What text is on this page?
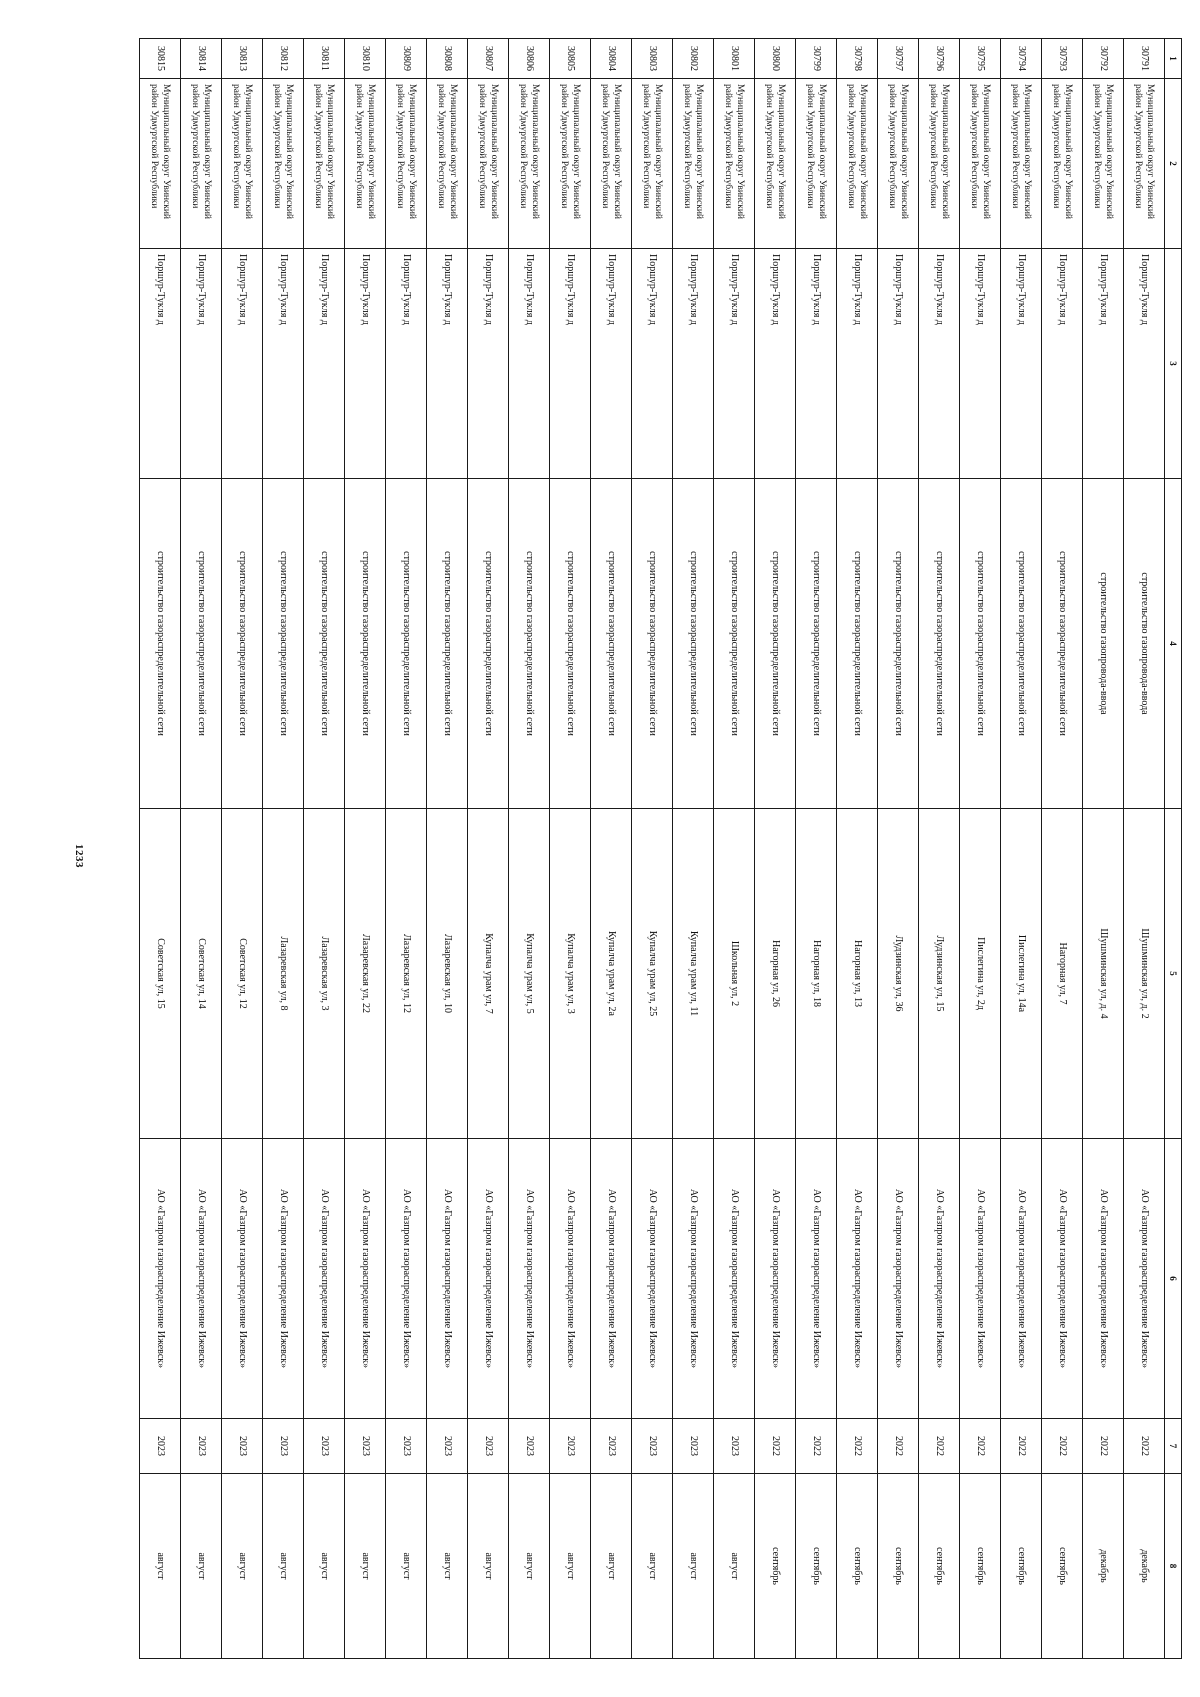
1233
1	2	3	4	5	6	7	8
30791	Муниципальный округ Увинский район Удмуртской Республики	Поршур-Тукля д	строительство газопровода-ввода	Шушминская ул, д. 2	АО «Газпром газораспределение Ижевск»	2022	декабрь
30792	Муниципальный округ Увинский район Удмуртской Республики	Поршур-Тукля д	строительство газопровода-ввода	Шушминская ул, д. 4	АО «Газпром газораспределение Ижевск»	2022	декабрь
30793	Муниципальный округ Увинский район Удмуртской Республики	Поршур-Тукля д	строительство газораспределительной сети	Нагорная ул, 7	АО «Газпром газораспределение Ижевск»	2022	сентябрь
30794	Муниципальный округ Увинский район Удмуртской Республики	Поршур-Тукля д	строительство газораспределительной сети	Пислегина ул, 14а	АО «Газпром газораспределение Ижевск»	2022	сентябрь
30795	Муниципальный округ Увинский район Удмуртской Республики	Поршур-Тукля д	строительство газораспределительной сети	Пислегина ул, 2д	АО «Газпром газораспределение Ижевск»	2022	сентябрь
30796	Муниципальный округ Увинский район Удмуртской Республики	Поршур-Тукля д	строительство газораспределительной сети	Лудзинская ул, 15	АО «Газпром газораспределение Ижевск»	2022	сентябрь
30797	Муниципальный округ Увинский район Удмуртской Республики	Поршур-Тукля д	строительство газораспределительной сети	Лудзинская ул, 36	АО «Газпром газораспределение Ижевск»	2022	сентябрь
30798	Муниципальный округ Увинский район Удмуртской Республики	Поршур-Тукля д	строительство газораспределительной сети	Нагорная ул, 13	АО «Газпром газораспределение Ижевск»	2022	сентябрь
30799	Муниципальный округ Увинский район Удмуртской Республики	Поршур-Тукля д	строительство газораспределительной сети	Нагорная ул, 18	АО «Газпром газораспределение Ижевск»	2022	сентябрь
30800	Муниципальный округ Увинский район Удмуртской Республики	Поршур-Тукля д	строительство газораспределительной сети	Нагорная ул, 26	АО «Газпром газораспределение Ижевск»	2022	сентябрь
30801	Муниципальный округ Увинский район Удмуртской Республики	Поршур-Тукля д	строительство газораспределительной сети	Школьная ул, 2	АО «Газпром газораспределение Ижевск»	2023	август
30802	Муниципальный округ Увинский район Удмуртской Республики	Поршур-Тукля д	строительство газораспределительной сети	Купалча урам ул, 11	АО «Газпром газораспределение Ижевск»	2023	август
30803	Муниципальный округ Увинский район Удмуртской Республики	Поршур-Тукля д	строительство газораспределительной сети	Купалча урам ул, 25	АО «Газпром газораспределение Ижевск»	2023	август
30804	Муниципальный округ Увинский район Удмуртской Республики	Поршур-Тукля д	строительство газораспределительной сети	Купалча урам ул, 2а	АО «Газпром газораспределение Ижевск»	2023	август
30805	Муниципальный округ Увинский район Удмуртской Республики	Поршур-Тукля д	строительство газораспределительной сети	Купалча урам ул, 3	АО «Газпром газораспределение Ижевск»	2023	август
30806	Муниципальный округ Увинский район Удмуртской Республики	Поршур-Тукля д	строительство газораспределительной сети	Купалча урам ул, 5	АО «Газпром газораспределение Ижевск»	2023	август
30807	Муниципальный округ Увинский район Удмуртской Республики	Поршур-Тукля д	строительство газораспределительной сети	Купалча урам ул, 7	АО «Газпром газораспределение Ижевск»	2023	август
30808	Муниципальный округ Увинский район Удмуртской Республики	Поршур-Тукля д	строительство газораспределительной сети	Лазаревская ул, 10	АО «Газпром газораспределение Ижевск»	2023	август
30809	Муниципальный округ Увинский район Удмуртской Республики	Поршур-Тукля д	строительство газораспределительной сети	Лазаревская ул, 12	АО «Газпром газораспределение Ижевск»	2023	август
30810	Муниципальный округ Увинский район Удмуртской Республики	Поршур-Тукля д	строительство газораспределительной сети	Лазаревская ул, 22	АО «Газпром газораспределение Ижевск»	2023	август
30811	Муниципальный округ Увинский район Удмуртской Республики	Поршур-Тукля д	строительство газораспределительной сети	Лазаревская ул, 3	АО «Газпром газораспределение Ижевск»	2023	август
30812	Муниципальный округ Увинский район Удмуртской Республики	Поршур-Тукля д	строительство газораспределительной сети	Лазаревская ул, 8	АО «Газпром газораспределение Ижевск»	2023	август
30813	Муниципальный округ Увинский район Удмуртской Республики	Поршур-Тукля д	строительство газораспределительной сети	Советская ул, 12	АО «Газпром газораспределение Ижевск»	2023	август
30814	Муниципальный округ Увинский район Удмуртской Республики	Поршур-Тукля д	строительство газораспределительной сети	Советская ул, 14	АО «Газпром газораспределение Ижевск»	2023	август
30815	Муниципальный округ Увинский район Удмуртской Республики	Поршур-Тукля д	строительство газораспределительной сети	Советская ул, 15	АО «Газпром газораспределение Ижевск»	2023	август
